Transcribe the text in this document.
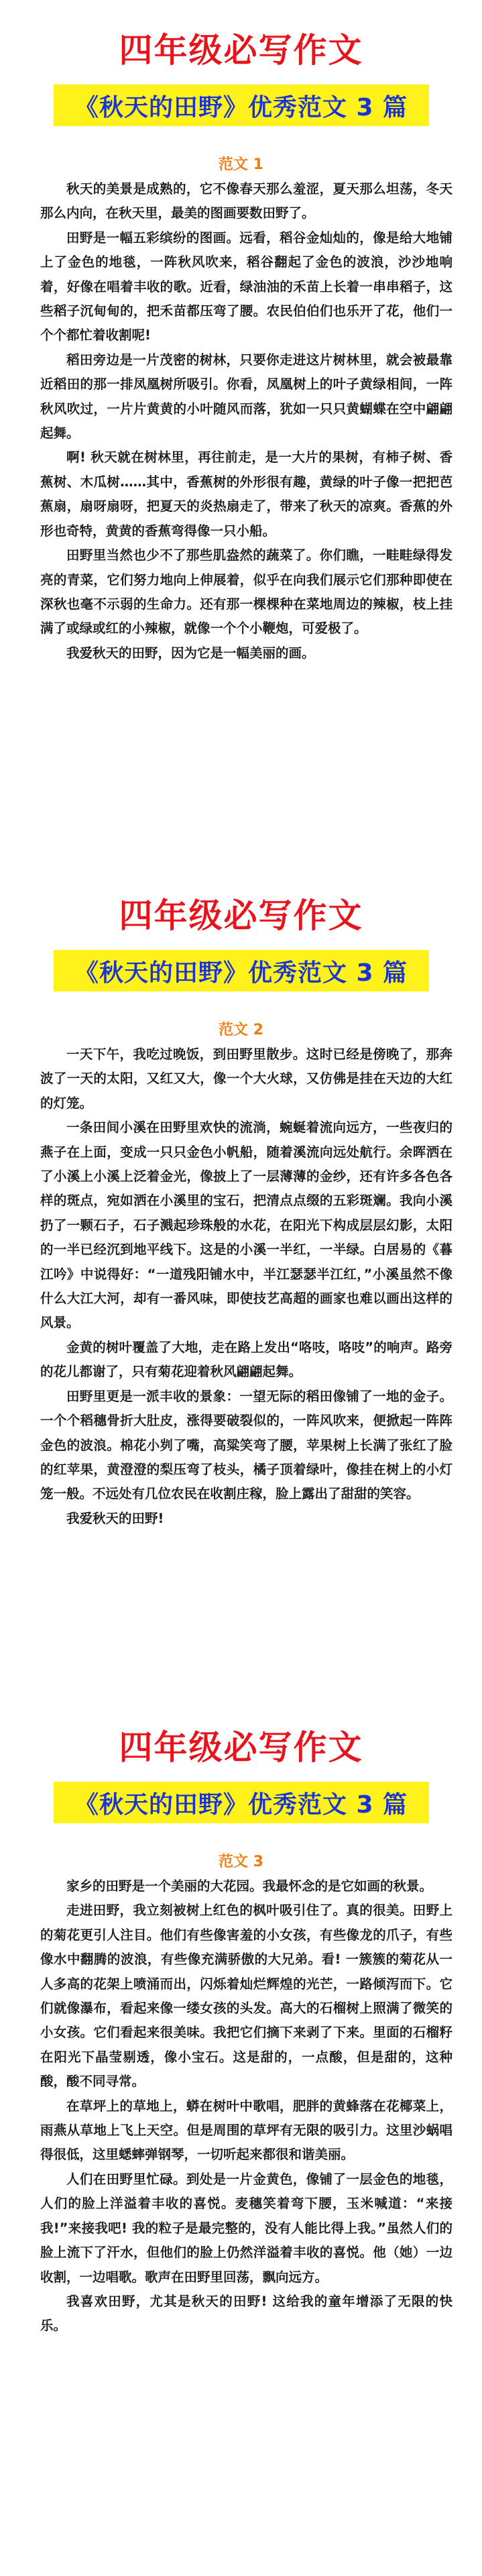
四年级必写作文
《秋天的田野》优秀范文 3 篇
范文 1

秋天的美景是成熟的，它不像春天那么羞涩，夏天那么坦荡，冬天那么内向，在秋天里，最美的图画要数田野了。

田野是一幅五彩缤纷的图画。远看，稻谷金灿灿的，像是给大地铺上了金色的地毯，一阵秋风吹来，稻谷翻起了金色的波浪，沙沙地响着，好像在唱着丰收的歌。近看，绿油油的禾苗上长着一串串稻子，这些稻子沉甸甸的，把禾苗都压弯了腰。农民伯伯们也乐开了花，他们一个个都忙着收割呢!

稻田旁边是一片茂密的树林，只要你走进这片树林里，就会被最靠近稻田的那一排凤凰树所吸引。你看，凤凰树上的叶子黄绿相间，一阵秋风吹过，一片片黄黄的小叶随风而落，犹如一只只黄蝴蝶在空中翩翩起舞。

啊! 秋天就在树林里，再往前走，是一大片的果树，有柿子树、香蕉树、木瓜树……其中，香蕉树的外形很有趣，黄绿的叶子像一把把芭蕉扇，扇呀扇呀，把夏天的炎热扇走了，带来了秋天的凉爽。香蕉的外形也奇特，黄黄的香蕉弯得像一只小船。

田野里当然也少不了那些肌盎然的蔬菜了。你们瞧，一畦畦绿得发亮的青菜，它们努力地向上伸展着，似乎在向我们展示它们那种即使在深秋也毫不示弱的生命力。还有那一棵棵种在菜地周边的辣椒，枝上挂满了或绿或红的小辣椒，就像一个个小鞭炮，可爱极了。

我爱秋天的田野，因为它是一幅美丽的画。

四年级必写作文
《秋天的田野》优秀范文 3 篇
范文 2

一天下午，我吃过晚饭，到田野里散步。这时已经是傍晚了，那奔波了一天的太阳，又红又大，像一个大火球，又仿佛是挂在天边的大红的灯笼。

一条田间小溪在田野里欢快的流淌，蜿蜒着流向远方，一些夜归的燕子在上面，变成一只只金色小帆船，随着溪流向远处航行。余晖洒在了小溪上小溪上泛着金光，像披上了一层薄薄的金纱，还有许多各色各样的斑点，宛如洒在小溪里的宝石，把清点点缀的五彩斑斓。我向小溪扔了一颗石子，石子溅起珍珠般的水花，在阳光下构成层层幻影，太阳的一半已经沉到地平线下。这是的小溪一半红，一半绿。白居易的《暮江吟》中说得好：“一道残阳铺水中，半江瑟瑟半江红，”小溪虽然不像什么大江大河，却有一番风味，即使技艺高超的画家也难以画出这样的风景。

金黄的树叶覆盖了大地，走在路上发出“咯吱，咯吱”的响声。路旁的花儿都谢了，只有菊花迎着秋风翩翩起舞。

田野里更是一派丰收的景象：一望无际的稻田像铺了一地的金子。一个个稻穗骨折大肚皮，涨得要破裂似的，一阵风吹来，便掀起一阵阵金色的波浪。棉花小刿了嘴，高粱笑弯了腰，苹果树上长满了张红了脸的红苹果，黄澄澄的梨压弯了枝头，橘子顶着绿叶，像挂在树上的小灯笼一般。不远处有几位农民在收割庄稼，脸上露出了甜甜的笑容。

我爱秋天的田野!

四年级必写作文
《秋天的田野》优秀范文 3 篇
范文 3

家乡的田野是一个美丽的大花园。我最怀念的是它如画的秋景。

走进田野，我立刻被树上红色的枫叶吸引住了。真的很美。田野上的菊花更引人注目。他们有些像害羞的小女孩，有些像龙的爪子，有些像水中翻腾的波浪，有些像充满骄傲的大兄弟。看! 一簇簇的菊花从一人多高的花架上喷涌而出，闪烁着灿烂辉煌的光芒，一路倾泻而下。它们就像瀑布，看起来像一缕女孩的头发。高大的石榴树上照满了微笑的小女孩。它们看起来很美味。我把它们摘下来剥了下来。里面的石榴籽在阳光下晶莹剔透，像小宝石。这是甜的，一点酸，但是甜的，这种酸，酸不同寻常。

在草坪上的草地上，蟒在树叶中歌唱，肥胖的黄蜂落在花椰菜上，雨燕从草地上飞上天空。但是周围的草坪有无限的吸引力。这里沙蜗唱得很低，这里蟋蟀弹钢琴，一切听起来都很和谐美丽。

人们在田野里忙碌。到处是一片金黄色，像铺了一层金色的地毯，人们的脸上洋溢着丰收的喜悦。麦穗笑着弯下腰，玉米喊道：“来接我!”来接我吧! 我的粒子是最完整的，没有人能比得上我。”虽然人们的脸上流下了汗水，但他们的脸上仍然洋溢着丰收的喜悦。他（她）一边收割，一边唱歌。歌声在田野里回荡，飘向远方。

我喜欢田野，尤其是秋天的田野! 这给我的童年增添了无限的快乐。
